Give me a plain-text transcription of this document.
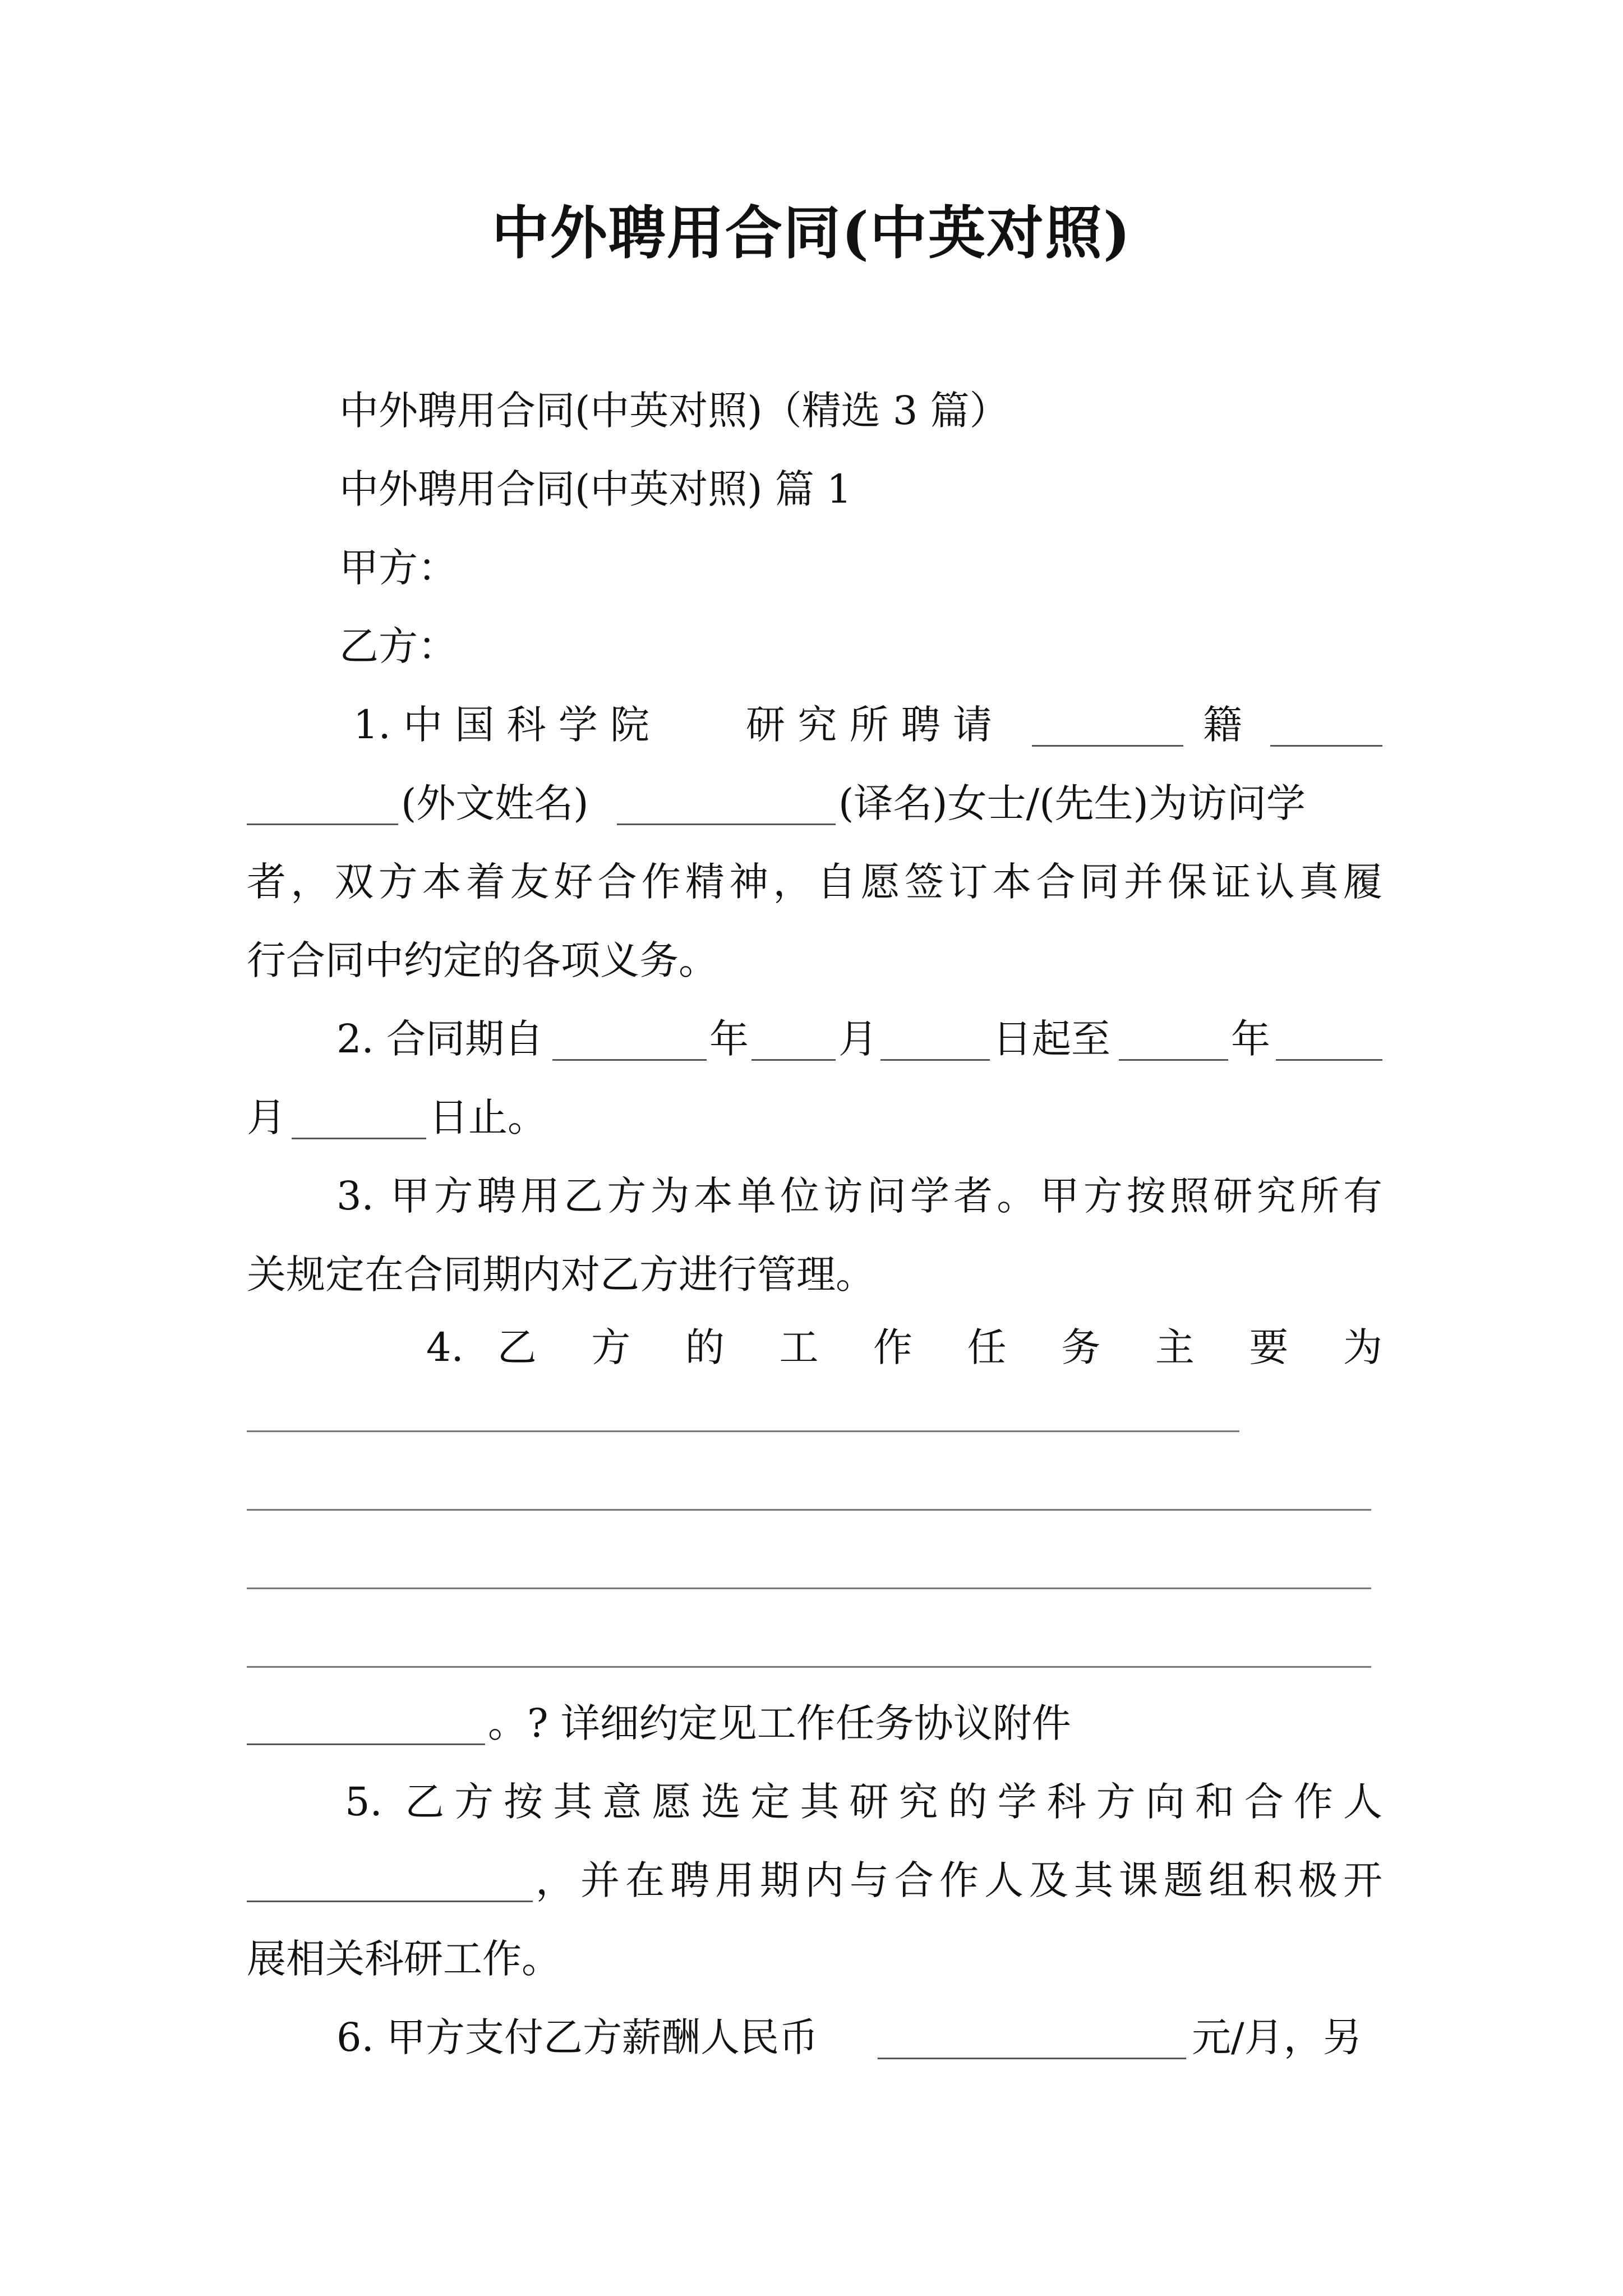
中外聘用合同(中英对照)
中外聘用合同(中英对照)（精选 3 篇）
中外聘用合同(中英对照) 篇 1
甲方：
乙方：
1. 中 国 科 学 院 研 究 所 聘 请	籍
(外文姓名)	(译名)女士/(先生)为访问学
者，双方本着友好合作精神，自愿签订本合同并保证认真履
行合同中约定的各项义务。
2. 合同期自	年 月	日起至	年
月	日止。
3. 甲方聘用乙方为本单位访问学者。甲方按照研究所有
关规定在合同期内对乙方进行管理。
4. 乙 方 的 工 作 任 务 主 要 为
。? 详细约定见工作任务协议附件
5. 乙方按其意愿选定其研究的学科方向和合作人
，并在聘用期内与合作人及其课题组积极开
展相关科研工作。
6. 甲方支付乙方薪酬人民币	元/月，另
